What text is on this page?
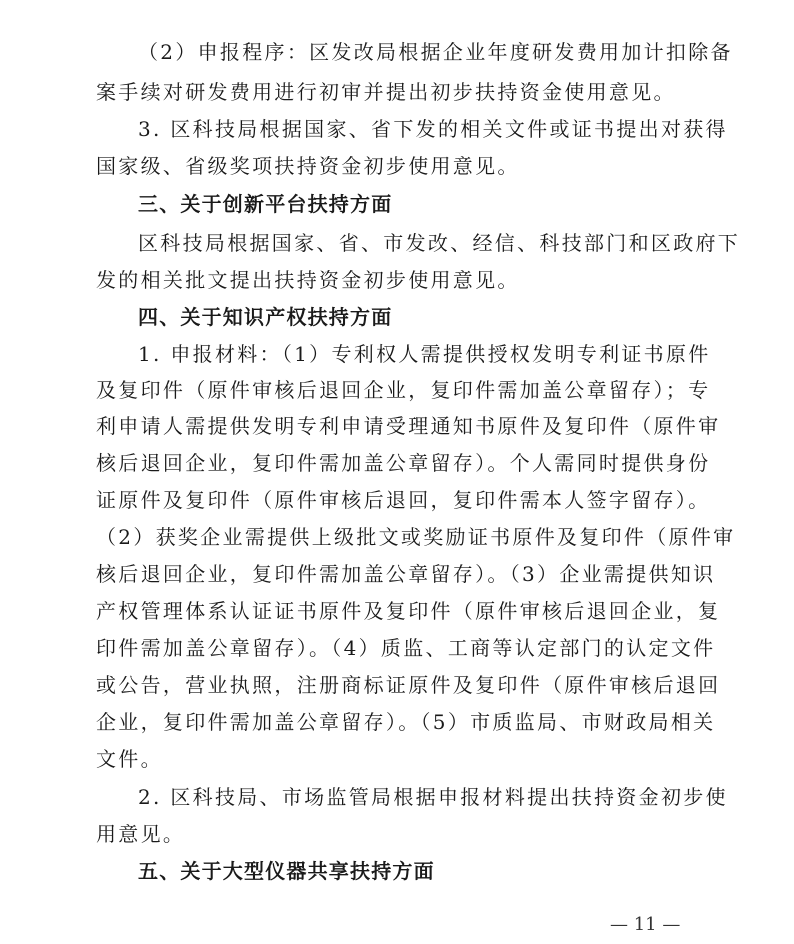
（2）申报程序：区发改局根据企业年度研发费用加计扣除备
案手续对研发费用进行初审并提出初步扶持资金使用意见。
3. 区科技局根据国家、省下发的相关文件或证书提出对获得
国家级、省级奖项扶持资金初步使用意见。
三、关于创新平台扶持方面
区科技局根据国家、省、市发改、经信、科技部门和区政府下
发的相关批文提出扶持资金初步使用意见。
四、关于知识产权扶持方面
1. 申报材料：（1）专利权人需提供授权发明专利证书原件
及复印件（原件审核后退回企业，复印件需加盖公章留存）；专
利申请人需提供发明专利申请受理通知书原件及复印件（原件审
核后退回企业，复印件需加盖公章留存）。个人需同时提供身份
证原件及复印件（原件审核后退回，复印件需本人签字留存）。
（2）获奖企业需提供上级批文或奖励证书原件及复印件（原件审
核后退回企业，复印件需加盖公章留存）。（3）企业需提供知识
产权管理体系认证证书原件及复印件（原件审核后退回企业，复
印件需加盖公章留存）。（4）质监、工商等认定部门的认定文件
或公告，营业执照，注册商标证原件及复印件（原件审核后退回
企业，复印件需加盖公章留存）。（5）市质监局、市财政局相关
文件。
2. 区科技局、市场监管局根据申报材料提出扶持资金初步使
用意见。
五、关于大型仪器共享扶持方面
— 11 —
